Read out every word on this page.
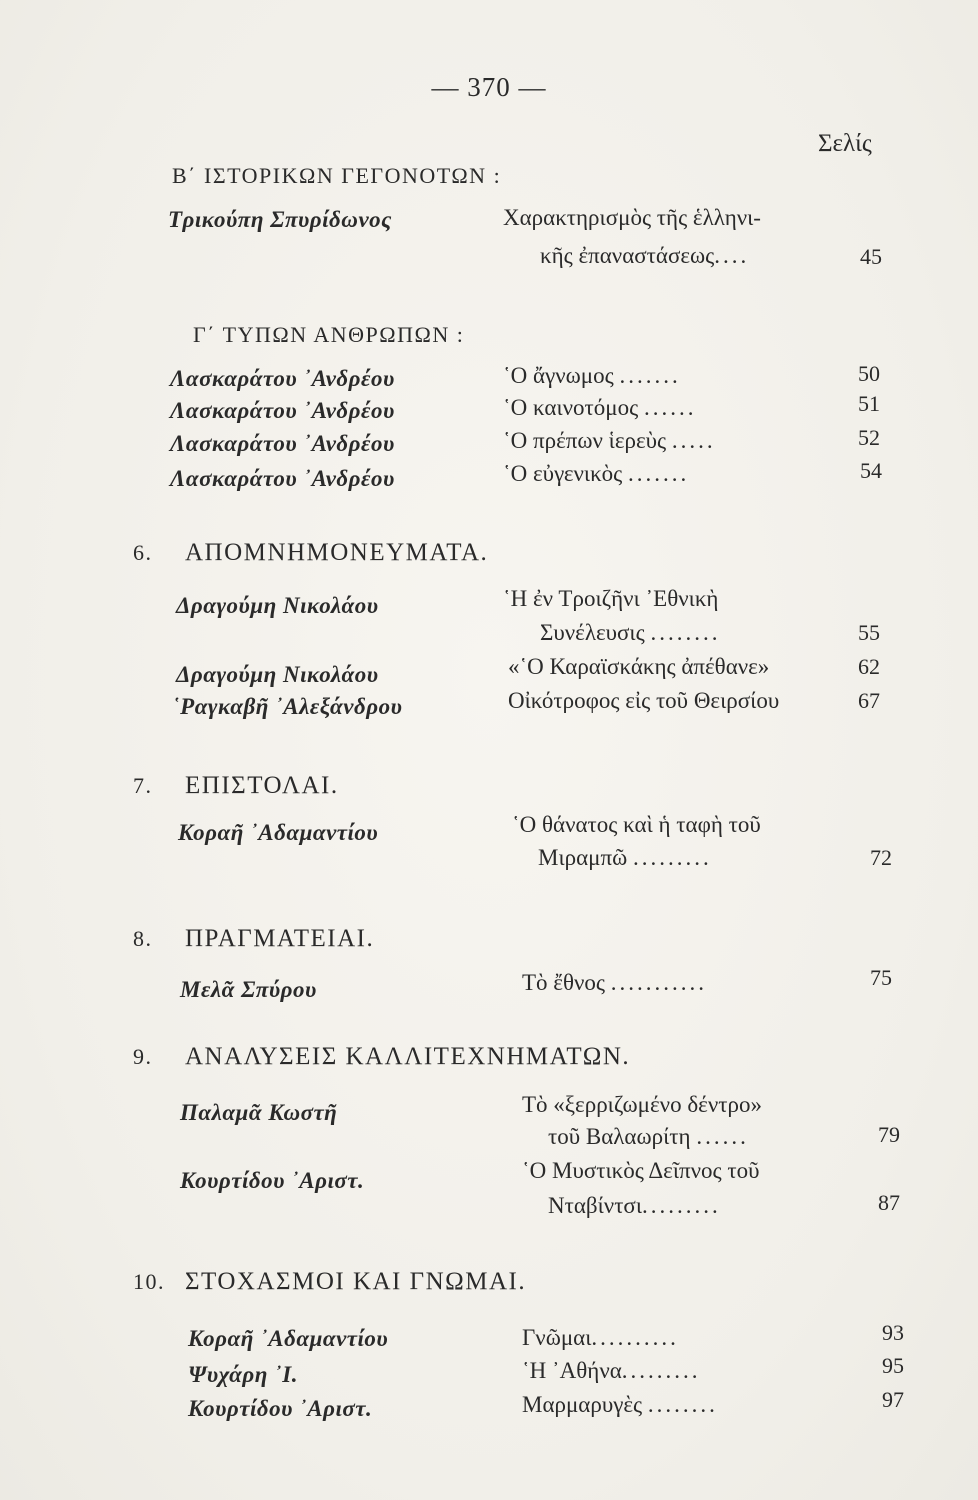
— 370 —
Σελίς
Β΄ ΙΣΤΟΡΙΚΩΝ ΓΕΓΟΝΟΤΩΝ :
Τρικούπη Σπυρίδωνος	Χαρακτηρισμὸς τῆς ἑλληνι-
κῆς ἐπαναστάσεως....	45
Γ΄ ΤΥΠΩΝ ΑΝΘΡΩΠΩΝ :
Λασκαράτου ᾿Ανδρέου	῾Ο ἄγνωμος .......	50
Λασκαράτου ᾿Ανδρέου	῾Ο καινοτόμος ......	51
Λασκαράτου ᾿Ανδρέου	῾Ο πρέπων ἱερεὺς .....	52
Λασκαράτου ᾿Ανδρέου	῾Ο εὐγενικὸς .......	54
6. ΑΠΟΜΝΗΜΟΝΕΥΜΑΤΑ.
Δραγούμη Νικολάου	῾Η ἐν Τροιζῆνι ᾿Εθνικὴ
Συνέλευσις ........	55
Δραγούμη Νικολάου	«῾Ο Καραϊσκάκης ἀπέθανε»	62
῾Ραγκαβῆ ᾿Αλεξάνδρου	Οἰκότροφος εἰς τοῦ Θειρσίου	67
7. ΕΠΙΣΤΟΛΑΙ.
Κοραῆ ᾿Αδαμαντίου	῾Ο θάνατος καὶ ἡ ταφὴ τοῦ
Μιραμπῶ .........	72
8. ΠΡΑΓΜΑΤΕΙΑΙ.
Μελᾶ Σπύρου	Τὸ ἔθνος ...........	75
9. ΑΝΑΛΥΣΕΙΣ ΚΑΛΛΙΤΕΧΝΗΜΑΤΩΝ.
Παλαμᾶ Κωστῆ	Τὸ «ξερριζωμένο δέντρο»
τοῦ Βαλαωρίτη ......	79
Κουρτίδου ᾿Αριστ.	῾Ο Μυστικὸς Δεῖπνος τοῦ
Νταβίντσι.........	87
10. ΣΤΟΧΑΣΜΟΙ ΚΑΙ ΓΝΩΜΑΙ.
Κοραῆ ᾿Αδαμαντίου	Γνῶμαι..........	93
Ψυχάρη ᾿Ι.	῾Η ᾿Αθήνα.........	95
Κουρτίδου ᾿Αριστ.	Μαρμαρυγὲς ........	97
